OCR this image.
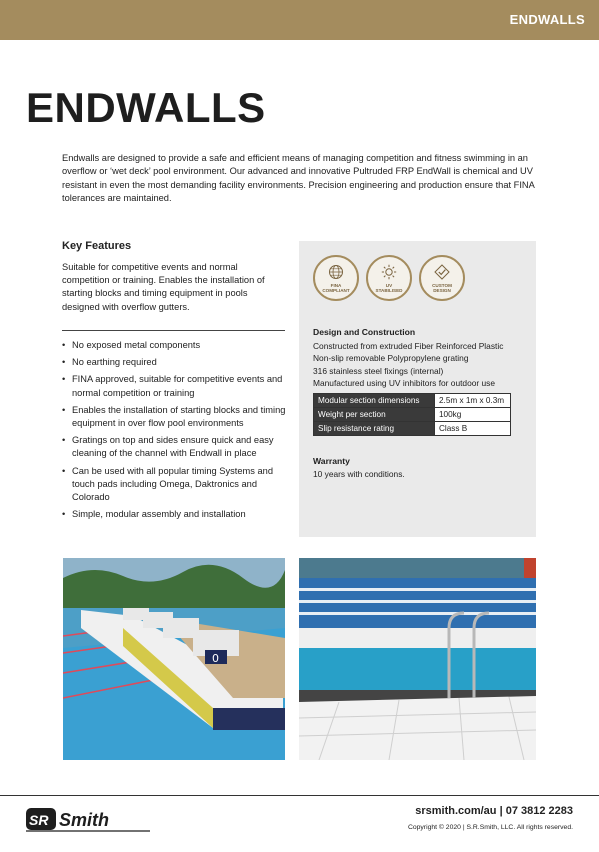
ENDWALLS
ENDWALLS

Endwalls are designed to provide a safe and efficient means of managing competition and fitness swimming in an overflow or ‘wet deck’ pool environment. Our advanced and innovative Pultruded FRP EndWall is chemical and UV resistant in even the most demanding facility environments. Precision engineering and production ensure that FINA tolerances are maintained.

Key Features

Suitable for competitive events and normal competition or training. Enables the installation of starting blocks and timing equipment in pools designed with overflow gutters.

• No exposed metal components
• No earthing required
• FINA approved, suitable for competitive events and normal competition or training
• Enables the installation of starting blocks and timing equipment in over flow pool environments
• Gratings on top and sides ensure quick and easy cleaning of the channel with Endwall in place
• Can be used with all popular timing Systems and touch pads including Omega, Daktronics and Colorado
• Simple, modular assembly and installation
FINA
COMPLIANT
UV
STABILISED
CUSTOM
DESIGN
Design and Construction
Constructed from extruded Fiber Reinforced Plastic
Non-slip removable Polypropylene grating
316 stainless steel fixings (internal)
Manufactured using UV inhibitors for outdoor use
Modular section dimensions	2.5m x 1m x 0.3m
Weight per section	100kg
Slip resistance rating	Class B
Warranty
10 years with conditions.
0
SR Smith	srsmith.com/au | 07 3812 2283
Copyright © 2020 | S.R.Smith, LLC. All rights reserved.
